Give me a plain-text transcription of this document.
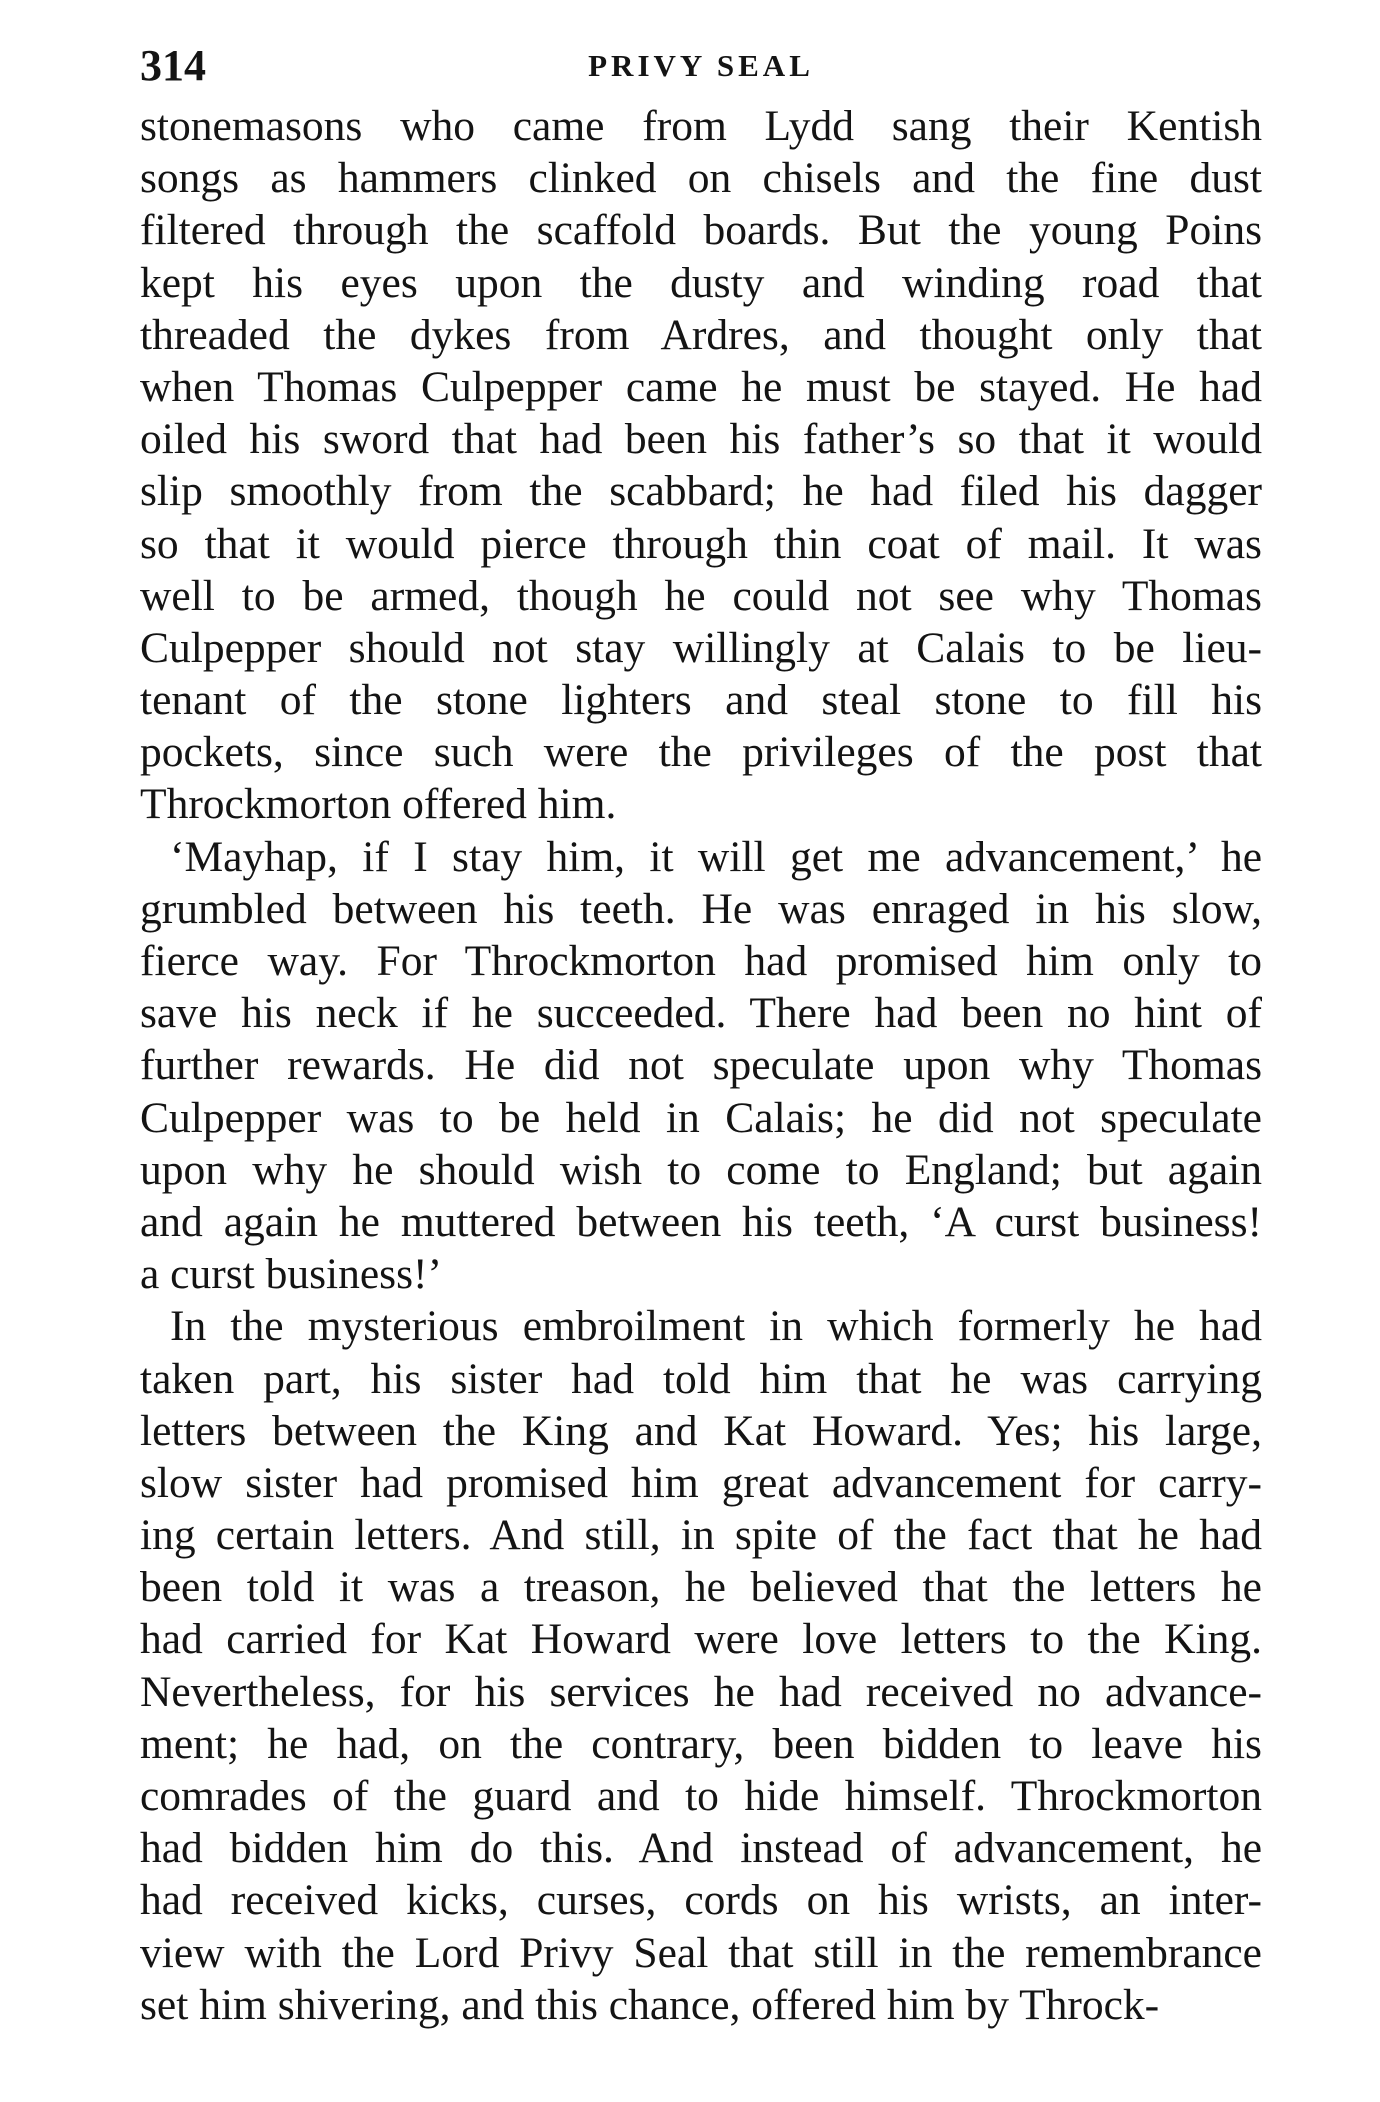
314	PRIVY SEAL
stonemasons who came from Lydd sang their Kentish
songs as hammers clinked on chisels and the fine dust
filtered through the scaffold boards. But the young Poins
kept his eyes upon the dusty and winding road that
threaded the dykes from Ardres, and thought only that
when Thomas Culpepper came he must be stayed. He had
oiled his sword that had been his father’s so that it would
slip smoothly from the scabbard; he had filed his dagger
so that it would pierce through thin coat of mail. It was
well to be armed, though he could not see why Thomas
Culpepper should not stay willingly at Calais to be lieu-
tenant of the stone lighters and steal stone to fill his
pockets, since such were the privileges of the post that
Throckmorton offered him.
‘Mayhap, if I stay him, it will get me advancement,’ he
grumbled between his teeth. He was enraged in his slow,
fierce way. For Throckmorton had promised him only to
save his neck if he succeeded. There had been no hint of
further rewards. He did not speculate upon why Thomas
Culpepper was to be held in Calais; he did not speculate
upon why he should wish to come to England; but again
and again he muttered between his teeth, ‘A curst business!
a curst business!’
In the mysterious embroilment in which formerly he had
taken part, his sister had told him that he was carrying
letters between the King and Kat Howard. Yes; his large,
slow sister had promised him great advancement for carry-
ing certain letters. And still, in spite of the fact that he had
been told it was a treason, he believed that the letters he
had carried for Kat Howard were love letters to the King.
Nevertheless, for his services he had received no advance-
ment; he had, on the contrary, been bidden to leave his
comrades of the guard and to hide himself. Throckmorton
had bidden him do this. And instead of advancement, he
had received kicks, curses, cords on his wrists, an inter-
view with the Lord Privy Seal that still in the remembrance
set him shivering, and this chance, offered him by Throck-
